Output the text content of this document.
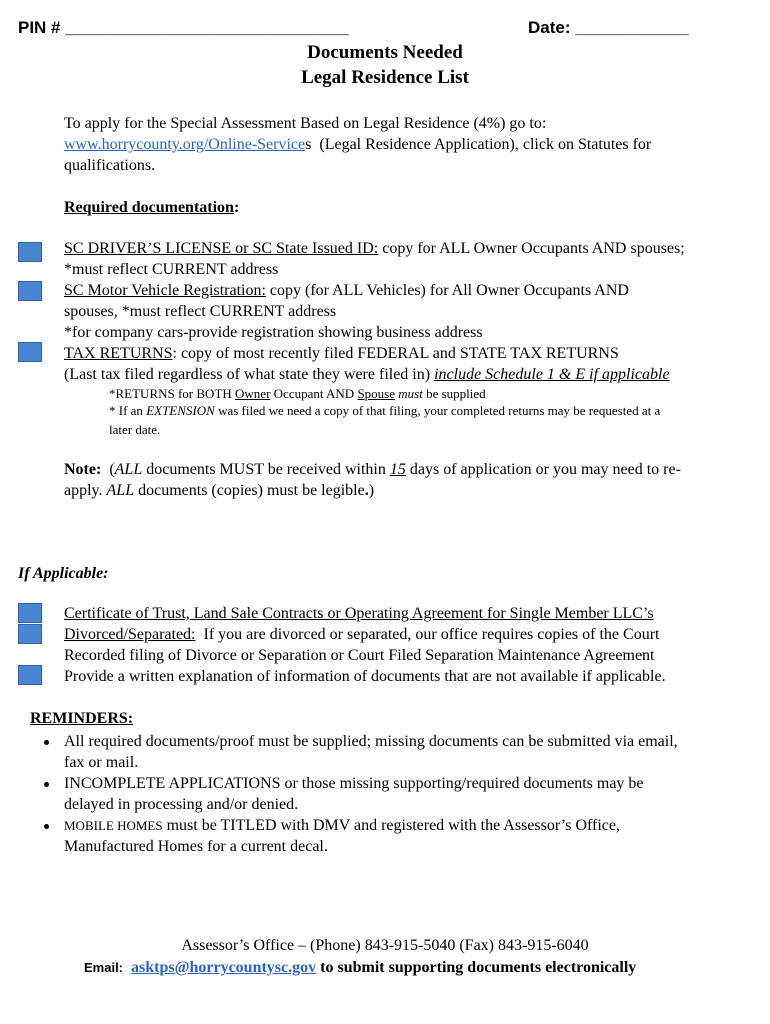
PIN # ______________________________	Date: ____________
Documents Needed
Legal Residence List
To apply for the Special Assessment Based on Legal Residence (4%) go to:
www.horrycounty.org/Online-Services (Legal Residence Application), click on Statutes for
qualifications.
Required documentation:
SC DRIVER’S LICENSE or SC State Issued ID: copy for ALL Owner Occupants AND spouses;
*must reflect CURRENT address
SC Motor Vehicle Registration: copy (for ALL Vehicles) for All Owner Occupants AND
spouses, *must reflect CURRENT address
*for company cars-provide registration showing business address
TAX RETURNS: copy of most recently filed FEDERAL and STATE TAX RETURNS
(Last tax filed regardless of what state they were filed in) include Schedule 1 & E if applicable
*RETURNS for BOTH Owner Occupant AND Spouse must be supplied
* If an EXTENSION was filed we need a copy of that filing, your completed returns may be requested at a
later date.
Note: (ALL documents MUST be received within 15 days of application or you may need to re-
apply. ALL documents (copies) must be legible.)
If Applicable:
Certificate of Trust, Land Sale Contracts or Operating Agreement for Single Member LLC’s
Divorced/Separated:  If you are divorced or separated, our office requires copies of the Court
Recorded filing of Divorce or Separation or Court Filed Separation Maintenance Agreement
Provide a written explanation of information of documents that are not available if applicable.
REMINDERS:
All required documents/proof must be supplied; missing documents can be submitted via email,
fax or mail.
INCOMPLETE APPLICATIONS or those missing supporting/required documents may be
delayed in processing and/or denied.
MOBILE HOMES must be TITLED with DMV and registered with the Assessor’s Office,
Manufactured Homes for a current decal.
Assessor’s Office – (Phone) 843-915-5040 (Fax) 843-915-6040
Email: asktps@horrycountysc.gov to submit supporting documents electronically
